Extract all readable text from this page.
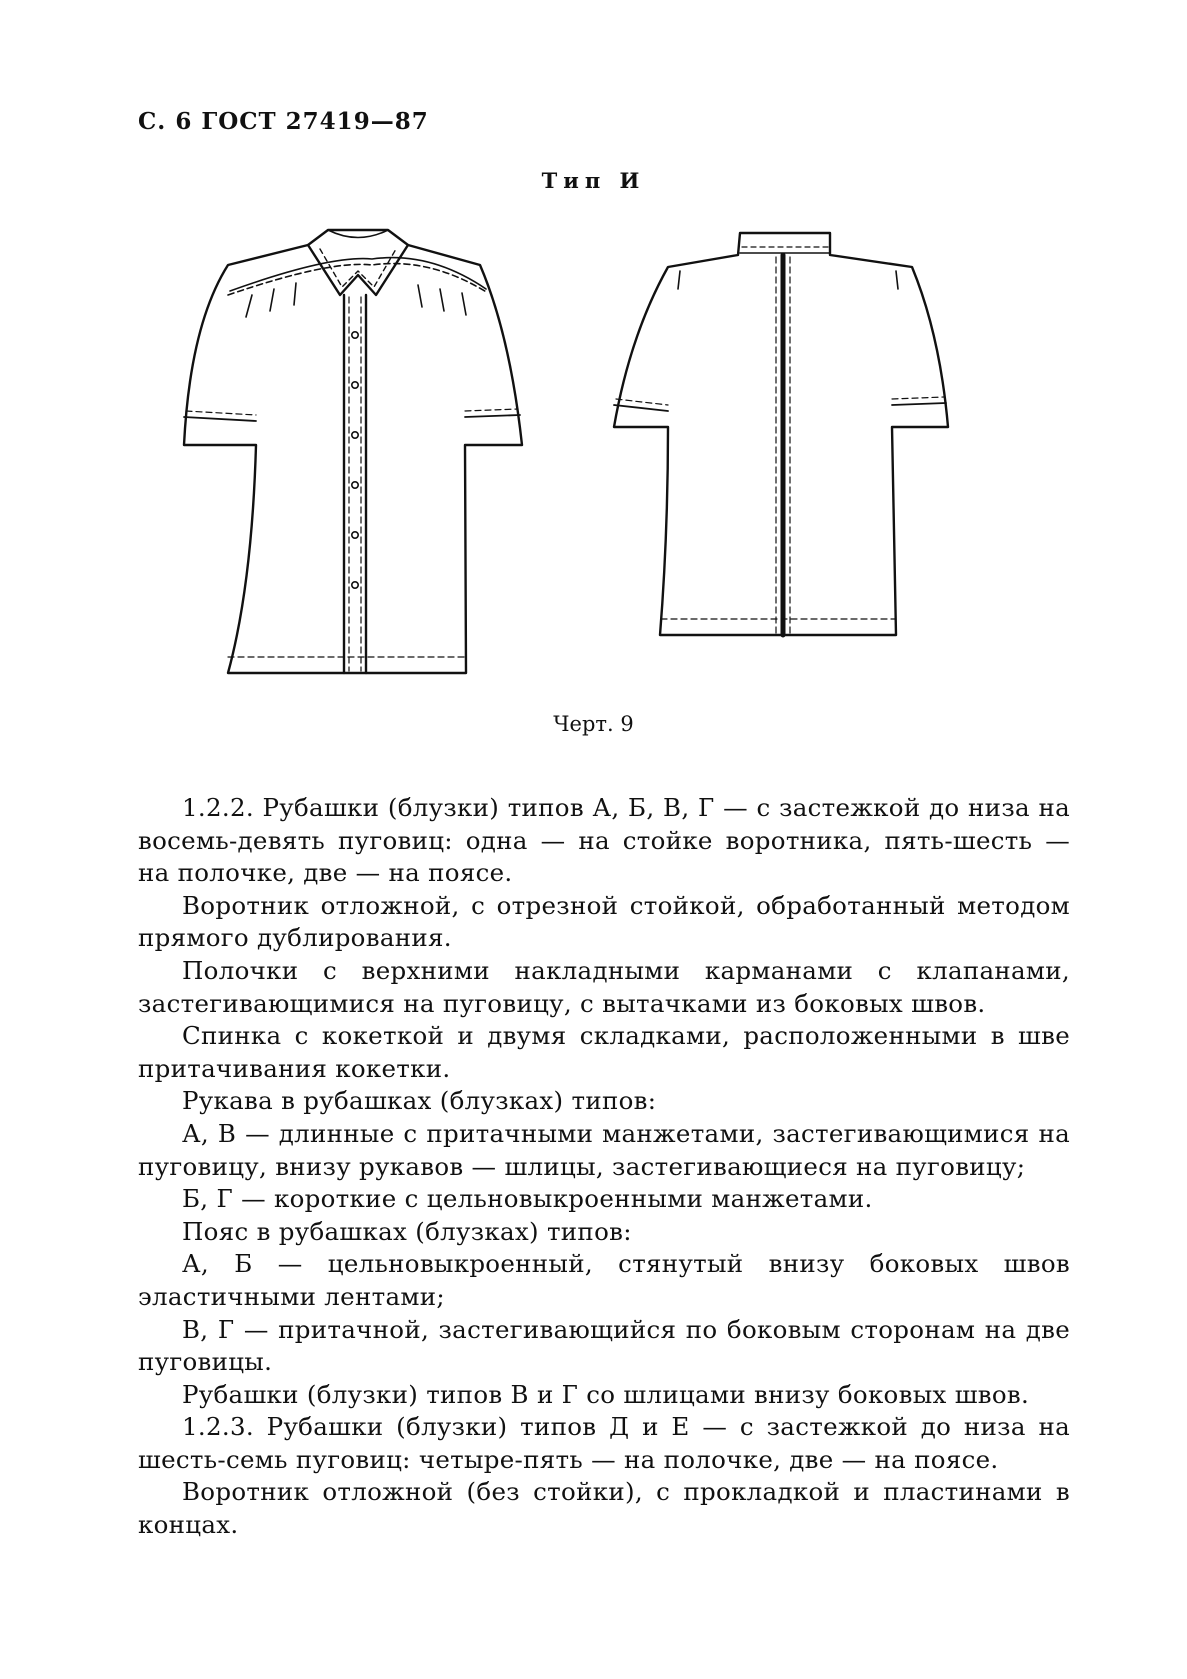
С. 6 ГОСТ 27419—87
Тип И
Черт. 9

1.2.2. Рубашки (блузки) типов А, Б, В, Г — с застежкой до низа на восемь-девять пуговиц: одна — на стойке воротника, пять-шесть — на полочке, две — на поясе.

Воротник отложной, с отрезной стойкой, обработанный методом прямого дублирования.

Полочки с верхними накладными карманами с клапанами, застегивающимися на пуговицу, с вытачками из боковых швов.

Спинка с кокеткой и двумя складками, расположенными в шве притачивания кокетки.

Рукава в рубашках (блузках) типов:

А, В — длинные с притачными манжетами, застегивающимися на пуговицу, внизу рукавов — шлицы, застегивающиеся на пуговицу;

Б, Г — короткие с цельновыкроенными манжетами.

Пояс в рубашках (блузках) типов:

А, Б — цельновыкроенный, стянутый внизу боковых швов эластичными лентами;

В, Г — притачной, застегивающийся по боковым сторонам на две пуговицы.

Рубашки (блузки) типов В и Г со шлицами внизу боковых швов.

1.2.3. Рубашки (блузки) типов Д и Е — с застежкой до низа на шесть-семь пуговиц: четыре-пять — на полочке, две — на поясе.

Воротник отложной (без стойки), с прокладкой и пластинами в концах.
